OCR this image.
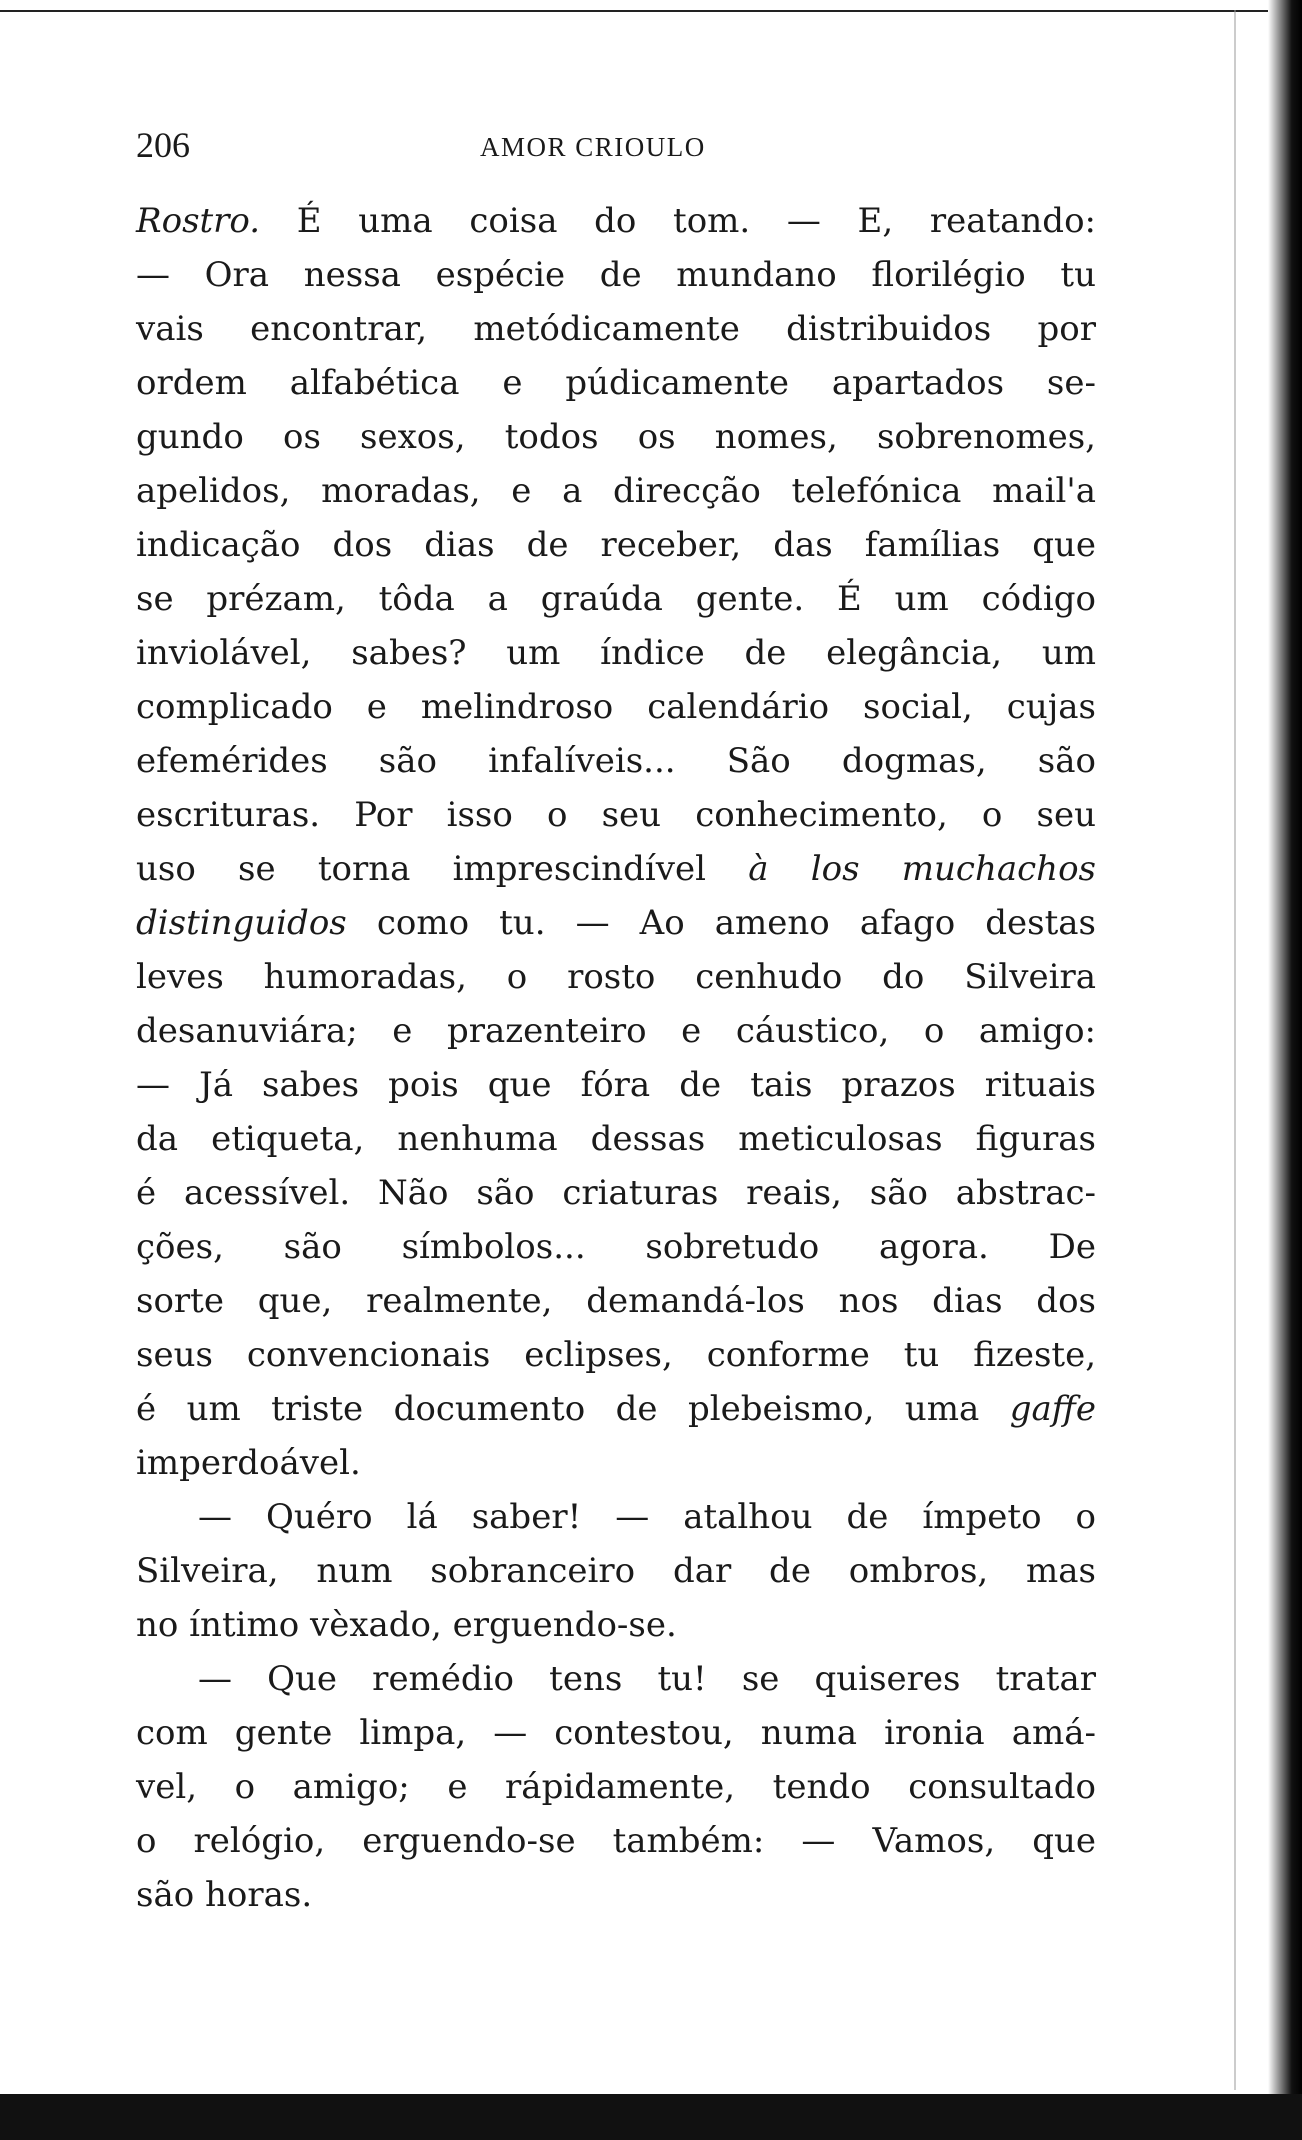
206	AMOR CRIOULO
Rostro. É uma coisa do tom. — E, reatando:
— Ora nessa espécie de mundano florilégio tu
vais encontrar, metódicamente distribuidos por
ordem alfabética e púdicamente apartados se-
gundo os sexos, todos os nomes, sobrenomes,
apelidos, moradas, e a direcção telefónica mail'a
indicação dos dias de receber, das famílias que
se prézam, tôda a graúda gente. É um código
inviolável, sabes? um índice de elegância, um
complicado e melindroso calendário social, cujas
efemérides são infalíveis... São dogmas, são
escrituras. Por isso o seu conhecimento, o seu
uso se torna imprescindível à los muchachos
distinguidos como tu. — Ao ameno afago destas
leves humoradas, o rosto cenhudo do Silveira
desanuviára; e prazenteiro e cáustico, o amigo:
— Já sabes pois que fóra de tais prazos rituais
da etiqueta, nenhuma dessas meticulosas figuras
é acessível. Não são criaturas reais, são abstrac-
ções, são símbolos... sobretudo agora. De
sorte que, realmente, demandá-los nos dias dos
seus convencionais eclipses, conforme tu fizeste,
é um triste documento de plebeismo, uma gaffe
imperdoável.
— Quéro lá saber! — atalhou de ímpeto o
Silveira, num sobranceiro dar de ombros, mas
no íntimo vèxado, erguendo-se.
— Que remédio tens tu! se quiseres tratar
com gente limpa, — contestou, numa ironia amá-
vel, o amigo; e rápidamente, tendo consultado
o relógio, erguendo-se também: — Vamos, que
são horas.
